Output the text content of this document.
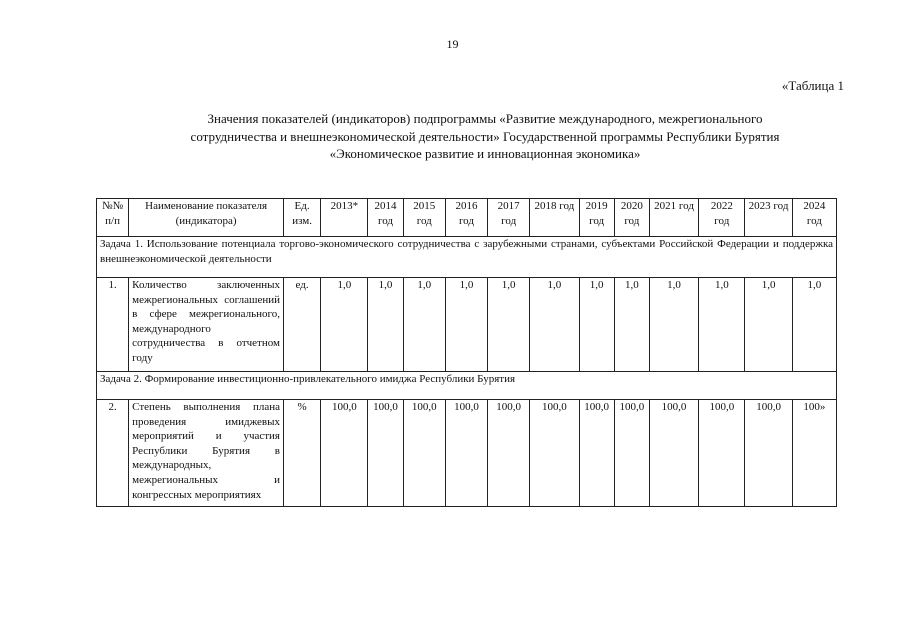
19
«Таблица 1
Значения показателей (индикаторов) подпрограммы «Развитие международного, межрегионального
сотрудничества и внешнеэкономической деятельности» Государственной программы Республики Бурятия
«Экономическое развитие и инновационная экономика»
№№ п/п	Наименование показателя (индикатора)	Ед. изм.	2013*	2014 год	2015 год	2016 год	2017 год	2018 год	2019 год	2020 год	2021 год	2022 год	2023 год	2024 год
Задача 1. Использование потенциала торгово-экономического сотрудничества с зарубежными странами, субъектами Российской Федерации и поддержка внешнеэкономической деятельности														
1.	Количество заключенных межрегиональных соглашений в сфере межрегионального, международного сотрудничества в отчетном году	ед.	1,0	1,0	1,0	1,0	1,0	1,0	1,0	1,0	1,0	1,0	1,0	1,0
Задача 2. Формирование инвестиционно-привлекательного имиджа Республики Бурятия														
2.	Степень выполнения плана проведения имиджевых мероприятий и участия Республики Бурятия в международных, межрегиональных и конгрессных мероприятиях	%	100,0	100,0	100,0	100,0	100,0	100,0	100,0	100,0	100,0	100,0	100,0	100»
